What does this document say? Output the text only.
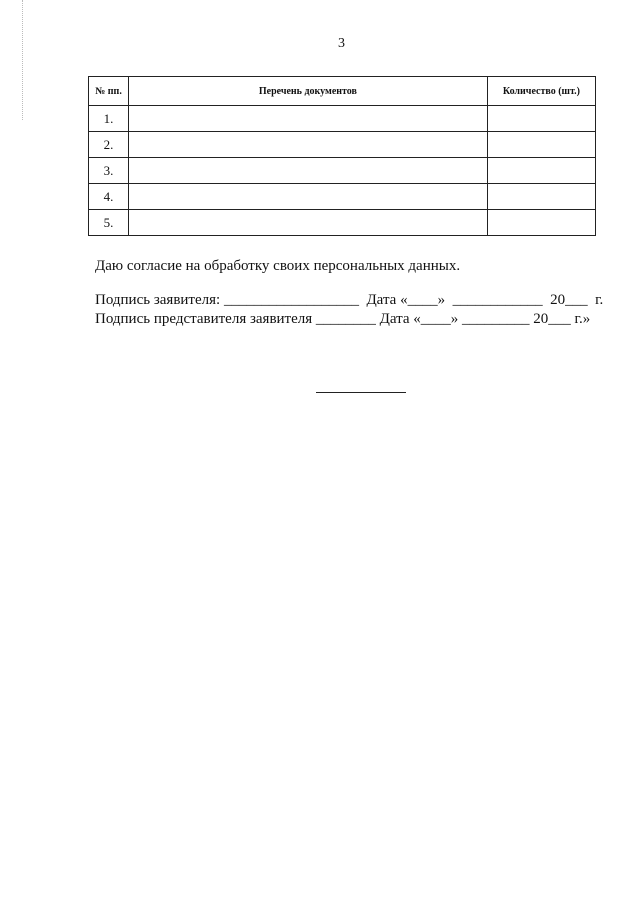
3
№ пп.	Перечень документов	Количество (шт.)
1.		
2.		
3.		
4.		
5.		
Даю согласие на обработку своих персональных данных.
Подпись заявителя: __________________  Дата «____»  ____________  20___  г.
Подпись представителя заявителя ________ Дата «____» _________ 20___ г.»
